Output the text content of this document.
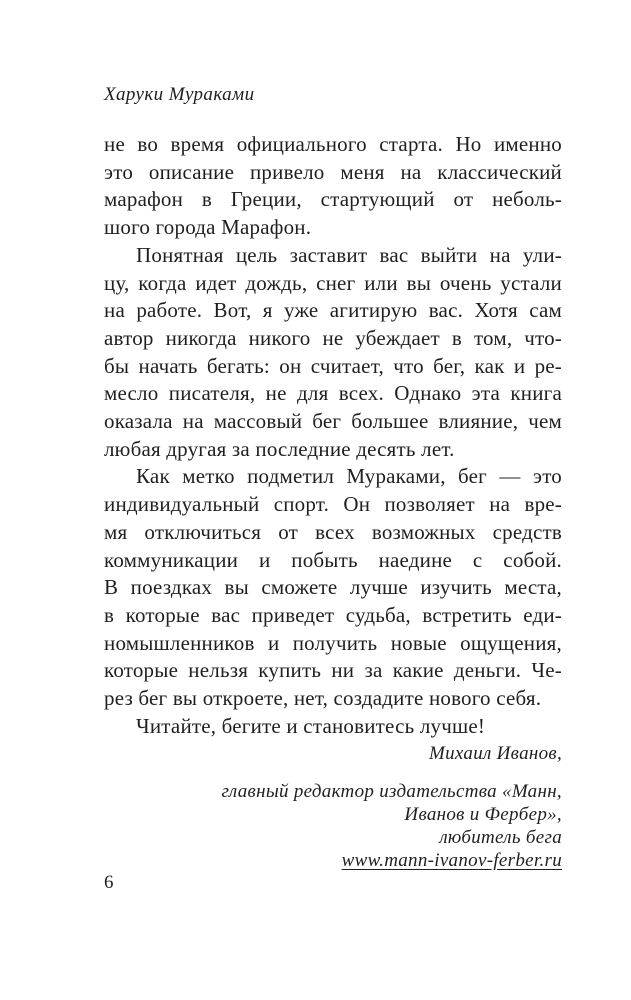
Харуки Мураками
не во время официального старта. Но именно
это описание привело меня на классический
марафон в Греции, стартующий от неболь-
шого города Марафон.
Понятная цель заставит вас выйти на ули-
цу, когда идет дождь, снег или вы очень устали
на работе. Вот, я уже агитирую вас. Хотя сам
автор никогда никого не убеждает в том, что-
бы начать бегать: он считает, что бег, как и ре-
месло писателя, не для всех. Однако эта книга
оказала на массовый бег большее влияние, чем
любая другая за последние десять лет.
Как метко подметил Мураками, бег — это
индивидуальный спорт. Он позволяет на вре-
мя отключиться от всех возможных средств
коммуникации и побыть наедине с собой.
В поездках вы сможете лучше изучить места,
в которые вас приведет судьба, встретить еди-
номышленников и получить новые ощущения,
которые нельзя купить ни за какие деньги. Че-
рез бег вы откроете, нет, создадите нового себя.
Читайте, бегите и становитесь лучше!
Михаил Иванов,
главный редактор издательства «Манн,
Иванов и Фербер»,
любитель бега
www.mann-ivanov-ferber.ru
6
